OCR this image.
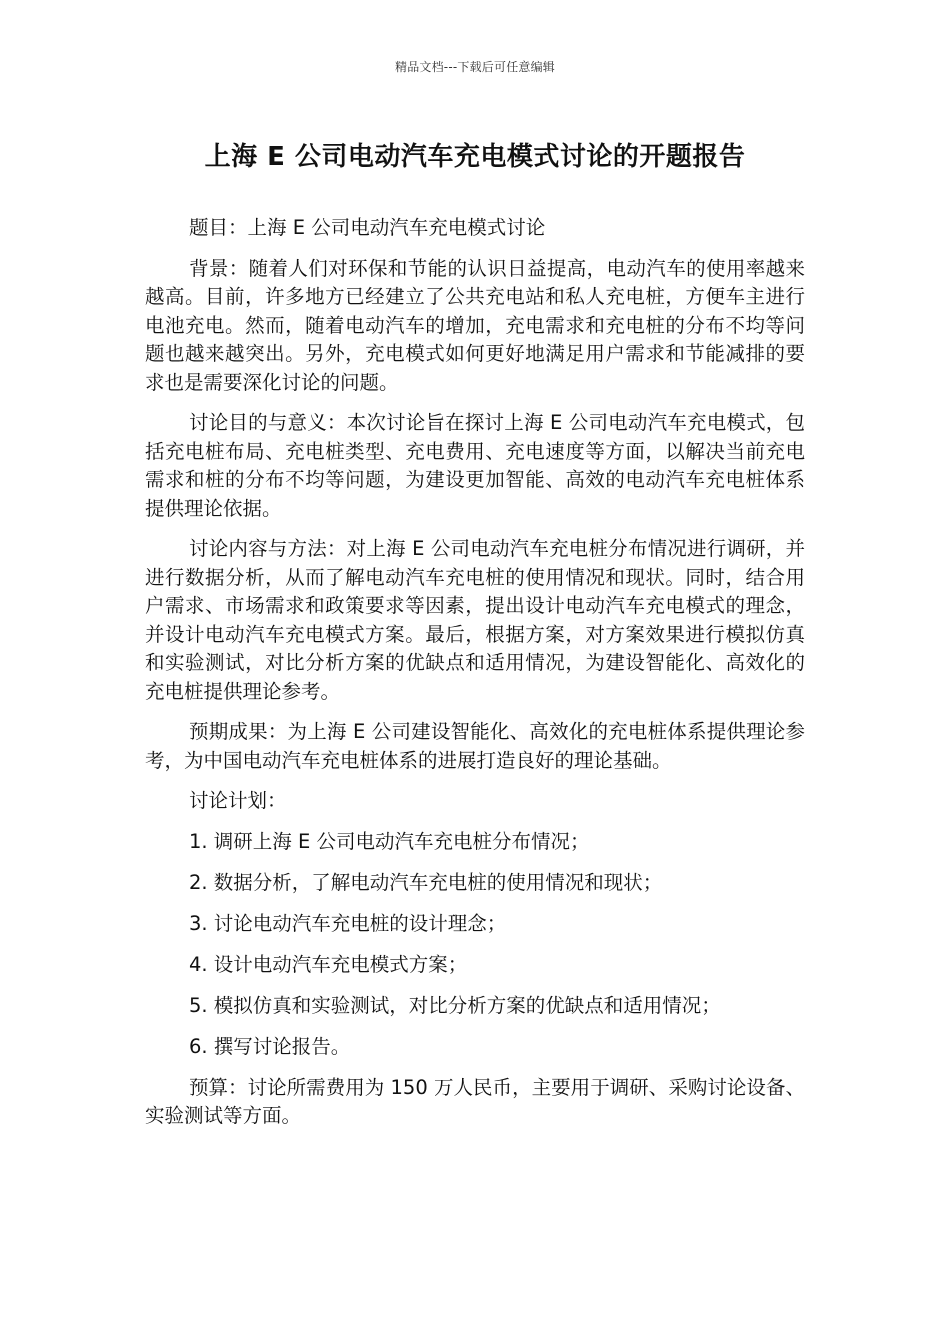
精品文档---下载后可任意编辑
上海 E 公司电动汽车充电模式讨论的开题报告

题目：上海 E 公司电动汽车充电模式讨论

背景：随着人们对环保和节能的认识日益提高，电动汽车的使用率越来越高。目前，许多地方已经建立了公共充电站和私人充电桩，方便车主进行电池充电。然而，随着电动汽车的增加，充电需求和充电桩的分布不均等问题也越来越突出。另外，充电模式如何更好地满足用户需求和节能减排的要求也是需要深化讨论的问题。

讨论目的与意义：本次讨论旨在探讨上海 E 公司电动汽车充电模式，包括充电桩布局、充电桩类型、充电费用、充电速度等方面，以解决当前充电需求和桩的分布不均等问题，为建设更加智能、高效的电动汽车充电桩体系提供理论依据。

讨论内容与方法：对上海 E 公司电动汽车充电桩分布情况进行调研，并进行数据分析，从而了解电动汽车充电桩的使用情况和现状。同时，结合用户需求、市场需求和政策要求等因素，提出设计电动汽车充电模式的理念，并设计电动汽车充电模式方案。最后，根据方案，对方案效果进行模拟仿真和实验测试，对比分析方案的优缺点和适用情况，为建设智能化、高效化的充电桩提供理论参考。

预期成果：为上海 E 公司建设智能化、高效化的充电桩体系提供理论参考，为中国电动汽车充电桩体系的进展打造良好的理论基础。

讨论计划：

1. 调研上海 E 公司电动汽车充电桩分布情况；

2. 数据分析，了解电动汽车充电桩的使用情况和现状；

3. 讨论电动汽车充电桩的设计理念；

4. 设计电动汽车充电模式方案；

5. 模拟仿真和实验测试，对比分析方案的优缺点和适用情况；

6. 撰写讨论报告。

预算：讨论所需费用为 150 万人民币，主要用于调研、采购讨论设备、实验测试等方面。
